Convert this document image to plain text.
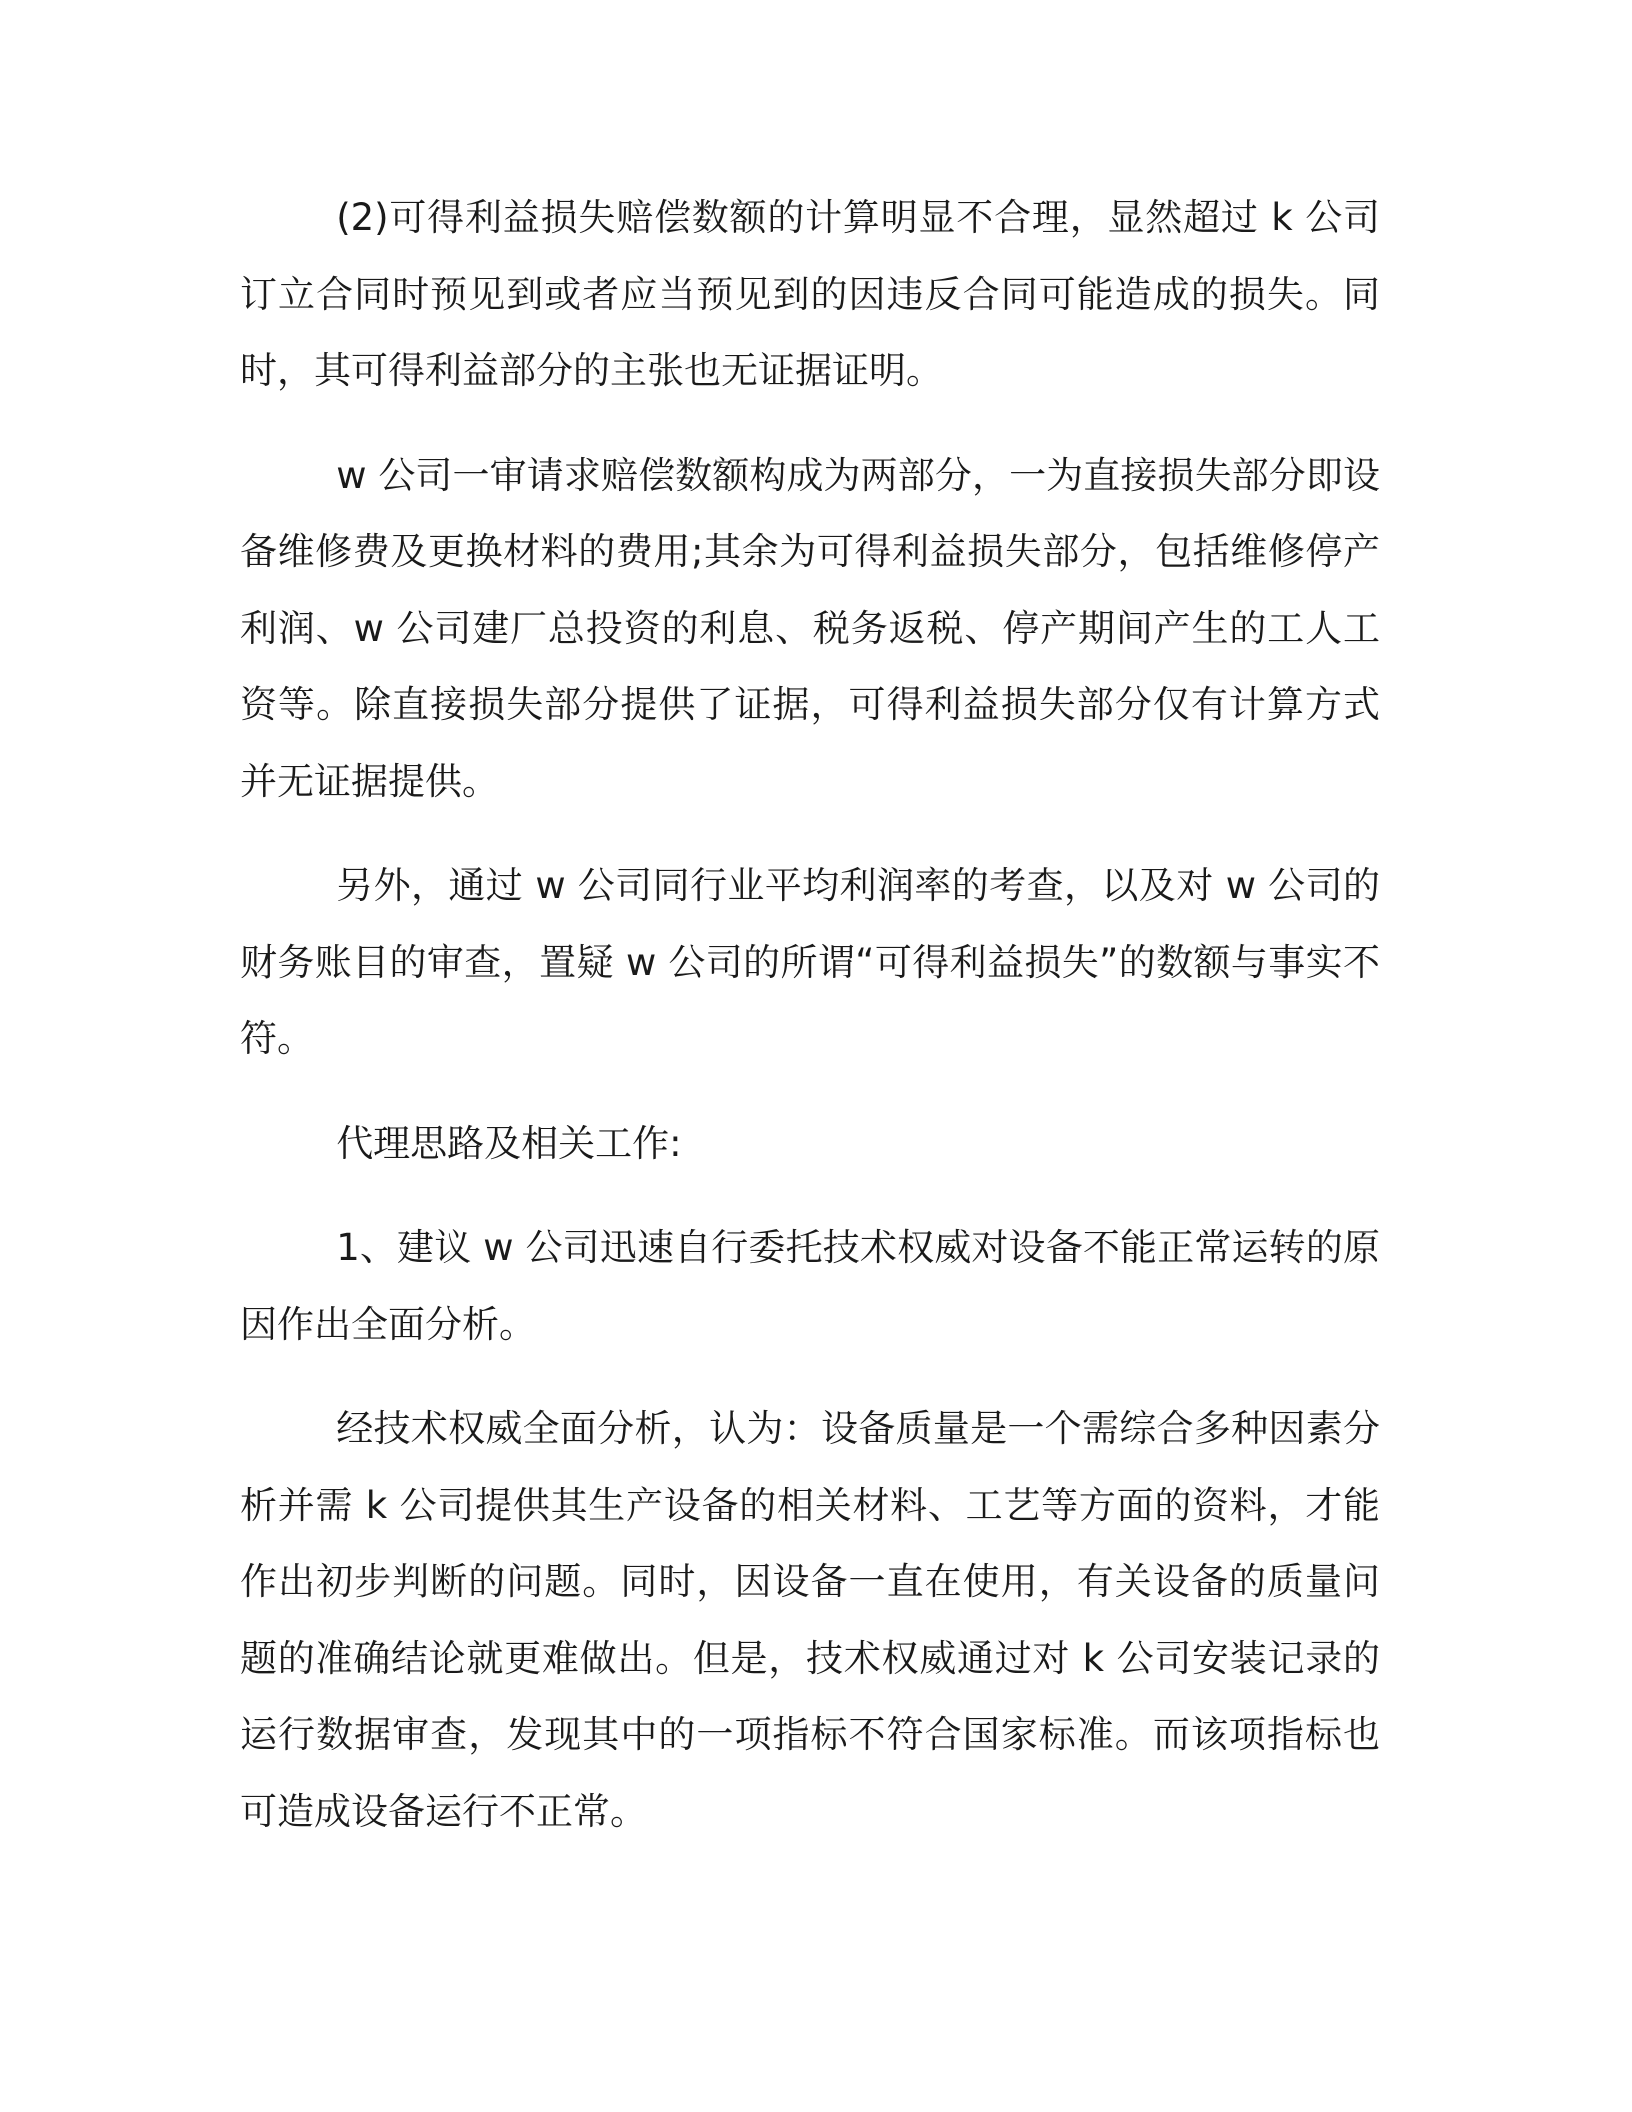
(2)可得利益损失赔偿数额的计算明显不合理，显然超过 k 公司订立合同时预见到或者应当预见到的因违反合同可能造成的损失。同时，其可得利益部分的主张也无证据证明。

w 公司一审请求赔偿数额构成为两部分，一为直接损失部分即设备维修费及更换材料的费用;其余为可得利益损失部分，包括维修停产利润、w 公司建厂总投资的利息、税务返税、停产期间产生的工人工资等。除直接损失部分提供了证据，可得利益损失部分仅有计算方式并无证据提供。

另外，通过 w 公司同行业平均利润率的考查，以及对 w 公司的财务账目的审查，置疑 w 公司的所谓“可得利益损失”的数额与事实不符。

代理思路及相关工作:

1、建议 w 公司迅速自行委托技术权威对设备不能正常运转的原因作出全面分析。

经技术权威全面分析，认为：设备质量是一个需综合多种因素分析并需 k 公司提供其生产设备的相关材料、工艺等方面的资料，才能作出初步判断的问题。同时，因设备一直在使用，有关设备的质量问题的准确结论就更难做出。但是，技术权威通过对 k 公司安装记录的运行数据审查，发现其中的一项指标不符合国家标准。而该项指标也可造成设备运行不正常。
